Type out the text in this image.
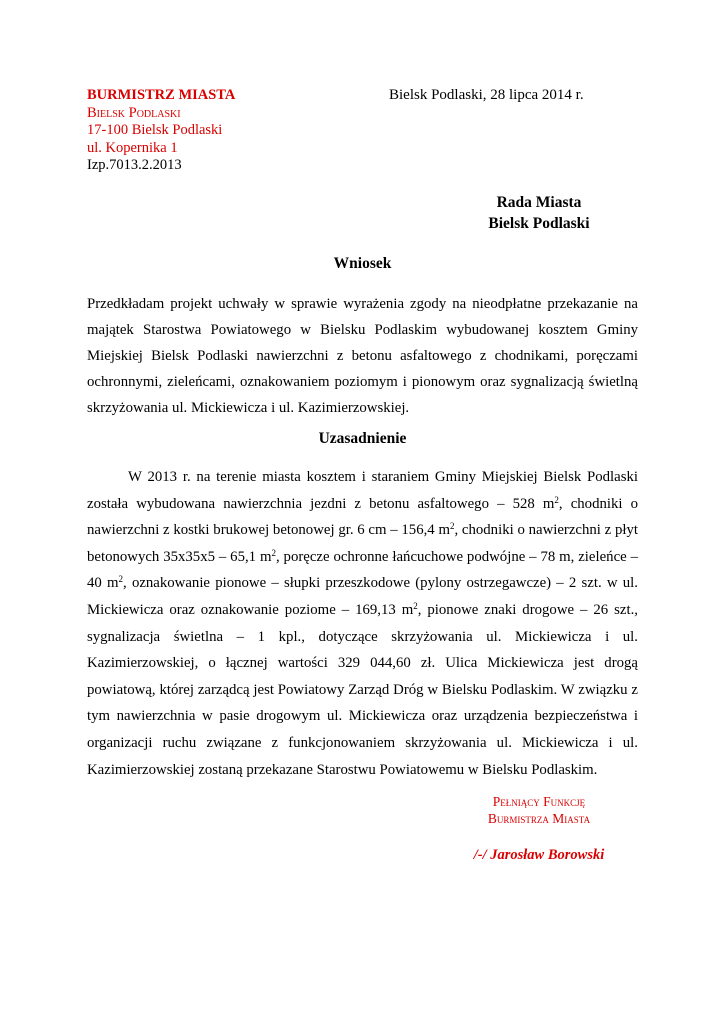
BURMISTRZ MIASTA
Bielsk Podlaski
17-100 Bielsk Podlaski
ul. Kopernika 1
Izp.7013.2.2013
Bielsk Podlaski, 28 lipca 2014 r.
Rada Miasta
Bielsk Podlaski
Wniosek

Przedkładam projekt uchwały w sprawie wyrażenia zgody na nieodpłatne przekazanie na majątek Starostwa Powiatowego w Bielsku Podlaskim wybudowanej kosztem Gminy Miejskiej Bielsk Podlaski nawierzchni z betonu asfaltowego z chodnikami, poręczami ochronnymi, zieleńcami, oznakowaniem poziomym i pionowym oraz sygnalizacją świetlną skrzyżowania ul. Mickiewicza i ul. Kazimierzowskiej.

Uzasadnienie

W 2013 r. na terenie miasta kosztem i staraniem Gminy Miejskiej Bielsk Podlaski została wybudowana nawierzchnia jezdni z betonu asfaltowego – 528 $m^2$, chodniki o nawierzchni z kostki brukowej betonowej gr. 6 cm – 156,4 $m^2$, chodniki o nawierzchni z płyt betonowych 35x35x5 – 65,1 $m^2$, poręcze ochronne łańcuchowe podwójne – 78 m, zieleńce – 40 $m^2$, oznakowanie pionowe – słupki przeszkodowe (pylony ostrzegawcze) – 2 szt. w ul. Mickiewicza oraz oznakowanie poziome – 169,13 $m^2$, pionowe znaki drogowe – 26 szt., sygnalizacja świetlna – 1 kpl., dotyczące skrzyżowania ul. Mickiewicza i ul. Kazimierzowskiej, o łącznej wartości 329 044,60 zł. Ulica Mickiewicza jest drogą powiatową, której zarządcą jest Powiatowy Zarząd Dróg w Bielsku Podlaskim. W związku z tym nawierzchnia w pasie drogowym ul. Mickiewicza oraz urządzenia bezpieczeństwa i organizacji ruchu związane z funkcjonowaniem skrzyżowania ul. Mickiewicza i ul. Kazimierzowskiej zostaną przekazane Starostwu Powiatowemu w Bielsku Podlaskim.

Pełniący Funkcję
Burmistrza Miasta
/-/ Jarosław Borowski
